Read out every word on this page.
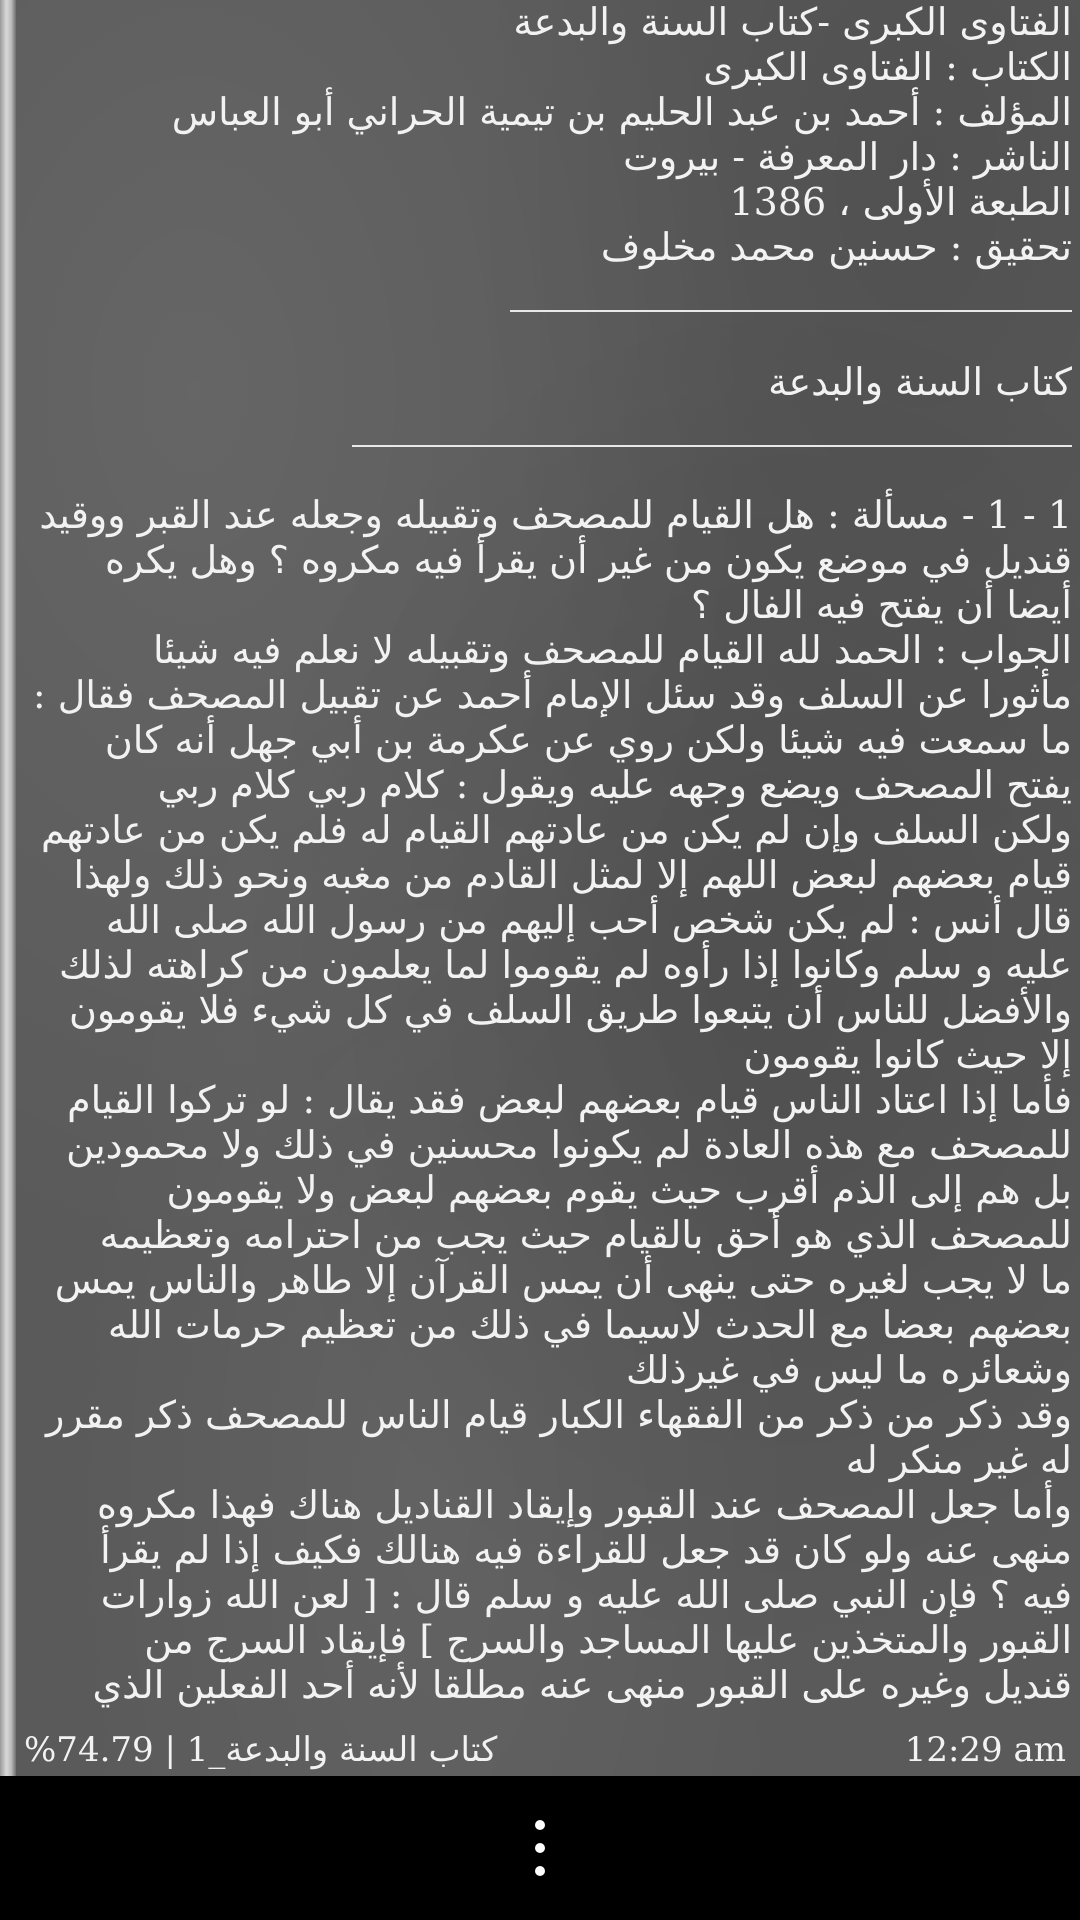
الفتاوى الكبرى -كتاب السنة والبدعة
الكتاب : الفتاوى الكبرى
المؤلف : أحمد بن عبد الحليم بن تيمية الحراني أبو العباس
الناشر : دار المعرفة - بيروت
الطبعة الأولى ، 1386
تحقيق : حسنين محمد مخلوف
كتاب السنة والبدعة
1 - 1 - مسألة : هل القيام للمصحف وتقبيله وجعله عند القبر ووقيد
قنديل في موضع يكون من غير أن يقرأ فيه مكروه ؟ وهل يكره
أيضا أن يفتح فيه الفال ؟
الجواب : الحمد لله القيام للمصحف وتقبيله لا نعلم فيه شيئا
مأثورا عن السلف وقد سئل الإمام أحمد عن تقبيل المصحف فقال :
ما سمعت فيه شيئا ولكن روي عن عكرمة بن أبي جهل أنه كان
يفتح المصحف ويضع وجهه عليه ويقول : كلام ربي كلام ربي
ولكن السلف وإن لم يكن من عادتهم القيام له فلم يكن من عادتهم
قيام بعضهم لبعض اللهم إلا لمثل القادم من مغبه ونحو ذلك ولهذا
قال أنس : لم يكن شخص أحب إليهم من رسول الله صلى الله
عليه و سلم وكانوا إذا رأوه لم يقوموا لما يعلمون من كراهته لذلك
والأفضل للناس أن يتبعوا طريق السلف في كل شيء فلا يقومون
إلا حيث كانوا يقومون
فأما إذا اعتاد الناس قيام بعضهم لبعض فقد يقال : لو تركوا القيام
للمصحف مع هذه العادة لم يكونوا محسنين في ذلك ولا محمودين
بل هم إلى الذم أقرب حيث يقوم بعضهم لبعض ولا يقومون
للمصحف الذي هو أحق بالقيام حيث يجب من احترامه وتعظيمه
ما لا يجب لغيره حتى ينهى أن يمس القرآن إلا طاهر والناس يمس
بعضهم بعضا مع الحدث لاسيما في ذلك من تعظيم حرمات الله
وشعائره ما ليس في غيرذلك
وقد ذكر من ذكر من الفقهاء الكبار قيام الناس للمصحف ذكر مقرر
له غير منكر له
وأما جعل المصحف عند القبور وإيقاد القناديل هناك فهذا مكروه
منهى عنه ولو كان قد جعل للقراءة فيه هنالك فكيف إذا لم يقرأ
فيه ؟ فإن النبي صلى الله عليه و سلم قال : [ لعن الله زوارات
القبور والمتخذين عليها المساجد والسرج ] فإيقاد السرج من
قنديل وغيره على القبور منهى عنه مطلقا لأنه أحد الفعلين الذي
%74.79 | كتاب السنة والبدعة_1	12:29 am
